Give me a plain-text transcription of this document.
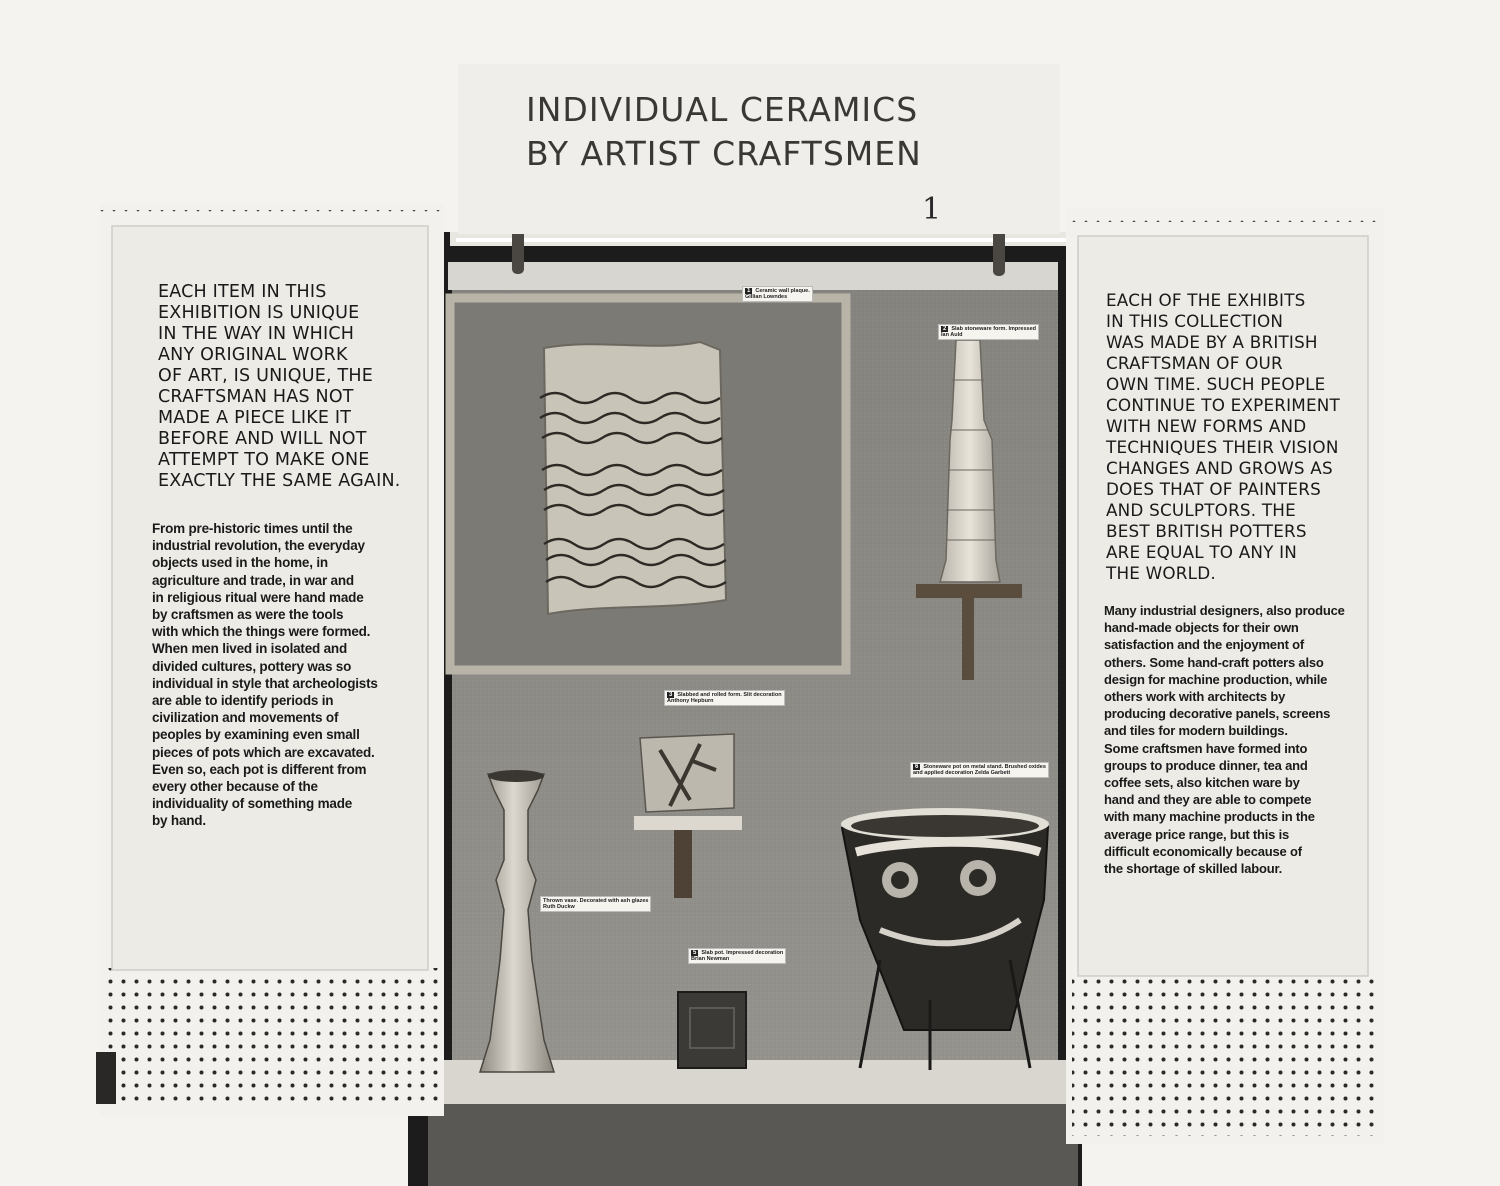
INDIVIDUAL CERAMICS
BY ARTIST CRAFTSMEN

1

EACH ITEM IN THIS
EXHIBITION IS UNIQUE
IN THE WAY IN WHICH
ANY ORIGINAL WORK
OF ART, IS UNIQUE, THE
CRAFTSMAN HAS NOT
MADE A PIECE LIKE IT
BEFORE AND WILL NOT
ATTEMPT TO MAKE ONE
EXACTLY THE SAME AGAIN.

From pre-historic times until the
industrial revolution, the everyday
objects used in the home, in
agriculture and trade, in war and
in religious ritual were hand made
by craftsmen as were the tools
with which the things were formed.
When men lived in isolated and
divided cultures, pottery was so
individual in style that archeologists
are able to identify periods in
civilization and movements of
peoples by examining even small
pieces of pots which are excavated.
Even so, each pot is different from
every other because of the
individuality of something made
by hand.

EACH OF THE EXHIBITS
IN THIS COLLECTION
WAS MADE BY A BRITISH
CRAFTSMAN OF OUR
OWN TIME. SUCH PEOPLE
CONTINUE TO EXPERIMENT
WITH NEW FORMS AND
TECHNIQUES THEIR VISION
CHANGES AND GROWS AS
DOES THAT OF PAINTERS
AND SCULPTORS. THE
BEST BRITISH POTTERS
ARE EQUAL TO ANY IN
THE WORLD.

Many industrial designers, also produce
hand-made objects for their own
satisfaction and the enjoyment of
others. Some hand-craft potters also
design for machine production, while
others work with architects by
producing decorative panels, screens
and tiles for modern buildings.
Some craftsmen have formed into
groups to produce dinner, tea and
coffee sets, also kitchen ware by
hand and they are able to compete
with many machine products in the
average price range, but this is
difficult economically because of
the shortage of skilled labour.

1 Ceramic wall plaque.
Gillian Lowndes
2 Slab stoneware form. Impressed
Ian Auld
3 Slabbed and rolled form. Slit decoration
Anthony Hepburn
6 Stoneware pot on metal stand. Brushed oxides
and applied decoration Zelda Garbett
5 Slab pot. Impressed decoration
Brian Newman
Thrown vase. Decorated with ash glazes
Ruth Duckw
